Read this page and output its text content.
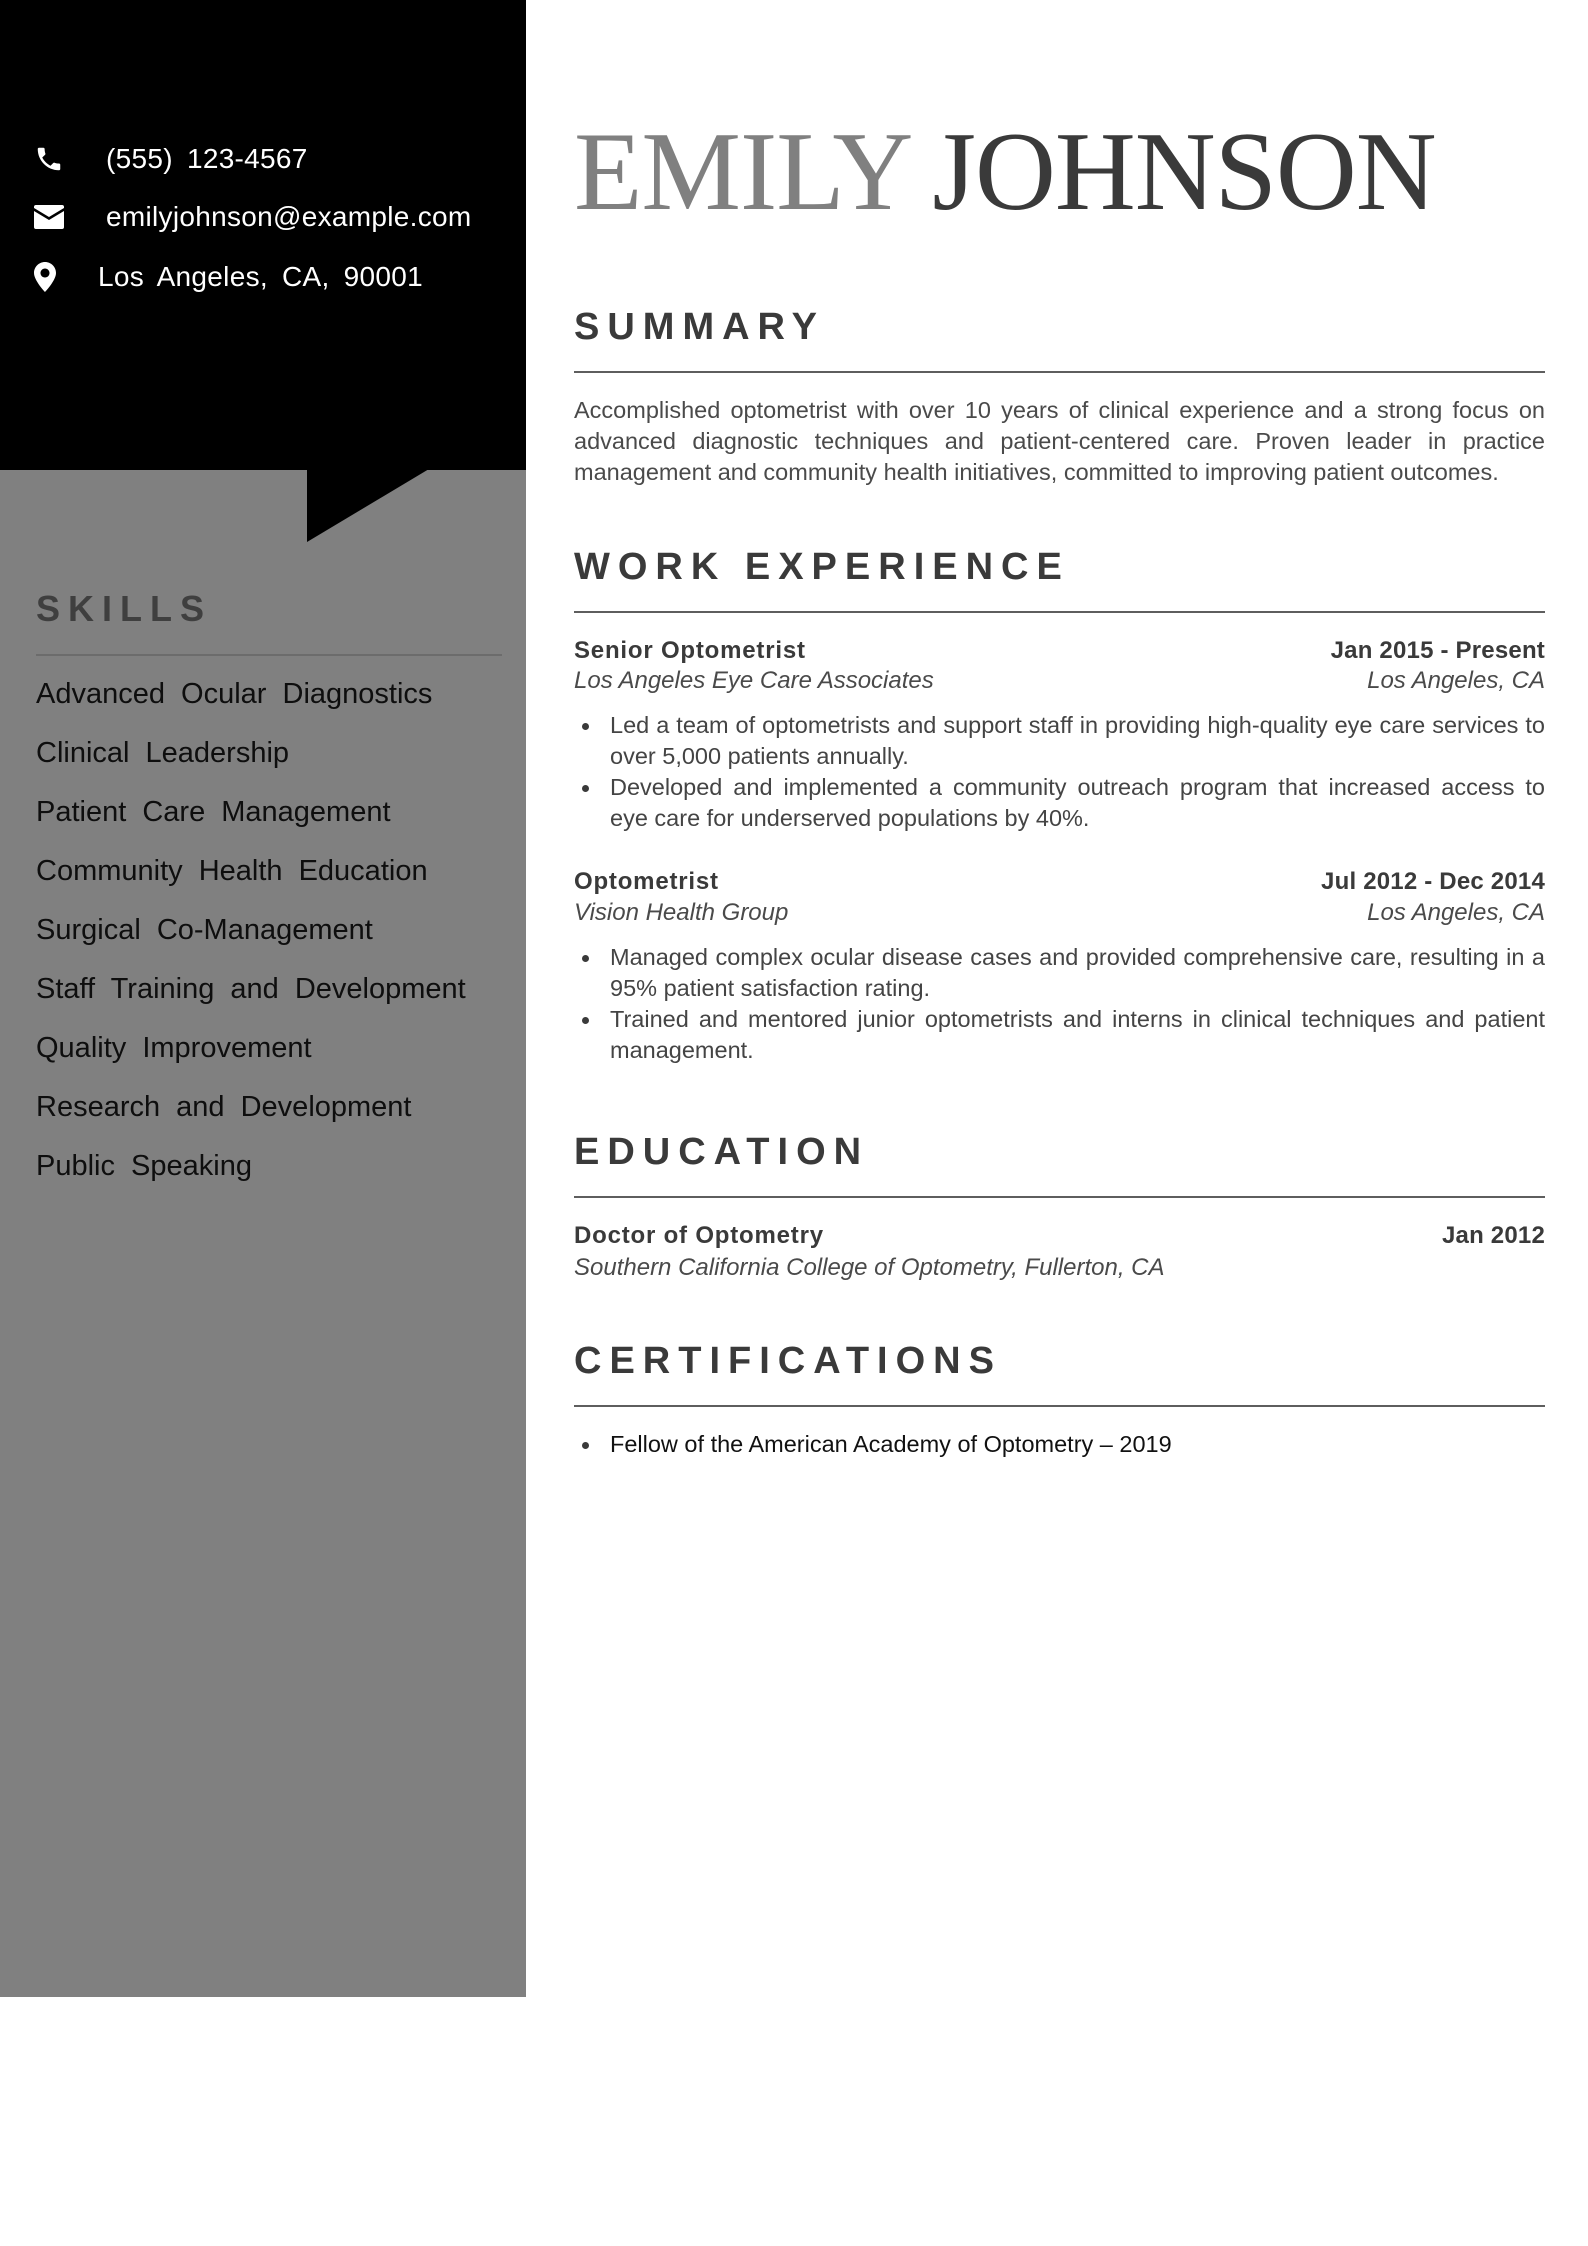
(555) 123-4567
emilyjohnson@example.com
Los Angeles, CA, 90001
SKILLS
Advanced Ocular Diagnostics
Clinical Leadership
Patient Care Management
Community Health Education
Surgical Co-Management
Staff Training and Development
Quality Improvement
Research and Development
Public Speaking
EMILY JOHNSON
SUMMARY

Accomplished optometrist with over 10 years of clinical experience and a strong focus on advanced diagnostic techniques and patient-centered care. Proven leader in practice management and community health initiatives, committed to improving patient outcomes.

WORK EXPERIENCE
Senior Optometrist	Jan 2015 - Present
Los Angeles Eye Care Associates	Los Angeles, CA
Led a team of optometrists and support staff in providing high-quality eye care services to over 5,000 patients annually.
Developed and implemented a community outreach program that increased access to eye care for underserved populations by 40%.
Optometrist	Jul 2012 - Dec 2014
Vision Health Group	Los Angeles, CA
Managed complex ocular disease cases and provided comprehensive care, resulting in a 95% patient satisfaction rating.
Trained and mentored junior optometrists and interns in clinical techniques and patient management.
EDUCATION
Doctor of Optometry	Jan 2012
Southern California College of Optometry, Fullerton, CA
CERTIFICATIONS
Fellow of the American Academy of Optometry – 2019
